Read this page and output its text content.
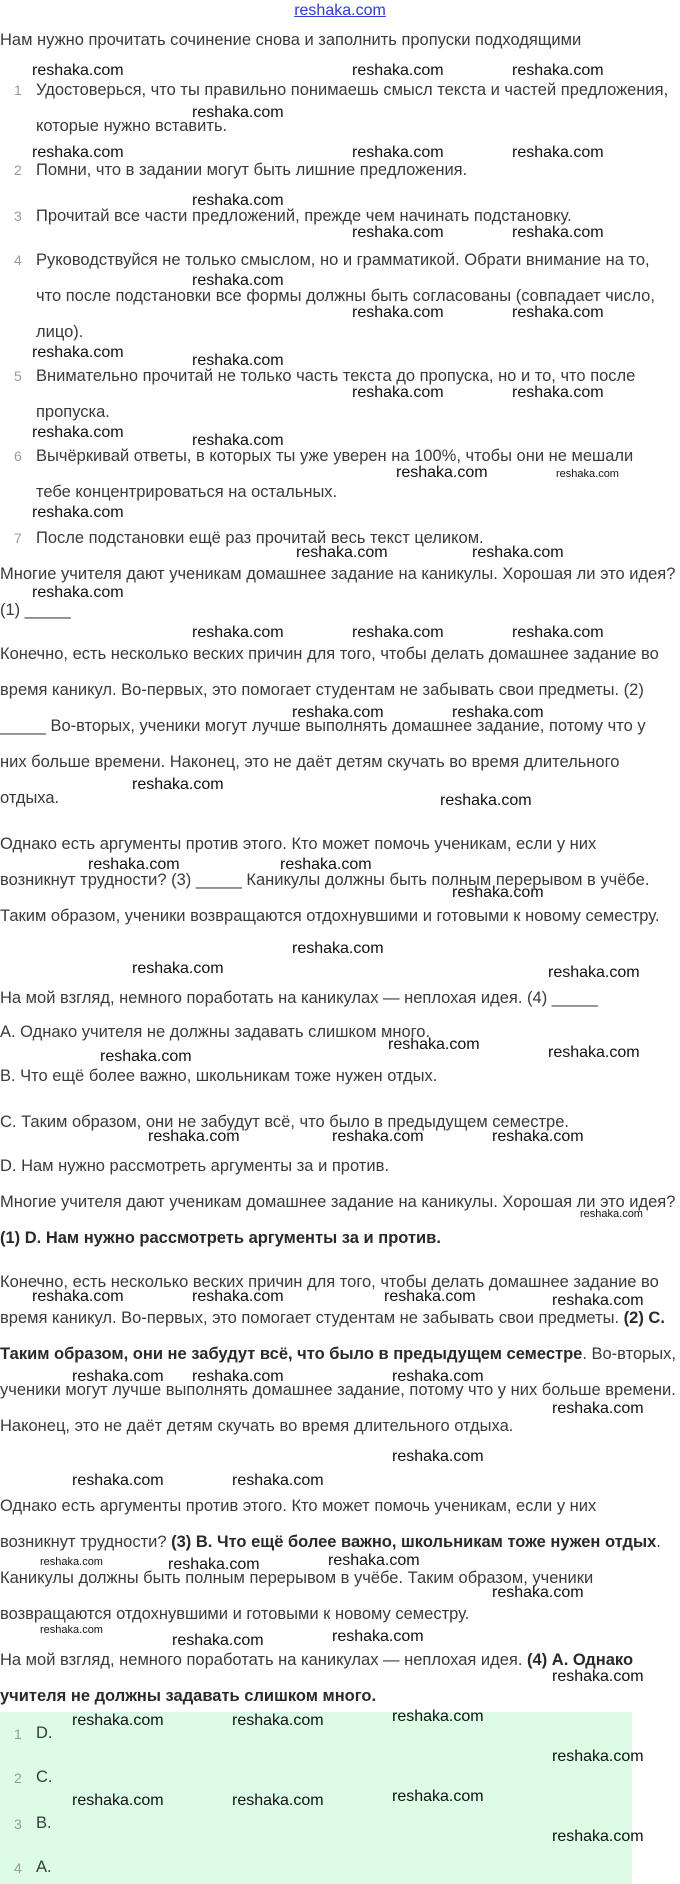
reshaka.com
Нам нужно прочитать сочинение снова и заполнить пропуски подходящими
1 Удостоверься, что ты правильно понимаешь смысл текста и частей предложения, которые нужно вставить.
2 Помни, что в задании могут быть лишние предложения.
3 Прочитай все части предложений, прежде чем начинать подстановку.
4 Руководствуйся не только смыслом, но и грамматикой. Обрати внимание на то, что после подстановки все формы должны быть согласованы (совпадает число, лицо).
5 Внимательно прочитай не только часть текста до пропуска, но и то, что после пропуска.
6 Вычёркивай ответы, в которых ты уже уверен на 100%, чтобы они не мешали тебе концентрироваться на остальных.
7 После подстановки ещё раз прочитай весь текст целиком.
Многие учителя дают ученикам домашнее задание на каникулы. Хорошая ли это идея? (1) _____
Конечно, есть несколько веских причин для того, чтобы делать домашнее задание во время каникул. Во-первых, это помогает студентам не забывать свои предметы. (2) _____ Во-вторых, ученики могут лучше выполнять домашнее задание, потому что у них больше времени. Наконец, это не даёт детям скучать во время длительного отдыха.
Однако есть аргументы против этого. Кто может помочь ученикам, если у них возникнут трудности? (3) _____ Каникулы должны быть полным перерывом в учёбе. Таким образом, ученики возвращаются отдохнувшими и готовыми к новому семестру.
На мой взгляд, немного поработать на каникулах — неплохая идея. (4) _____
A. Однако учителя не должны задавать слишком много.
B. Что ещё более важно, школьникам тоже нужен отдых.
C. Таким образом, они не забудут всё, что было в предыдущем семестре.
D. Нам нужно рассмотреть аргументы за и против.
Многие учителя дают ученикам домашнее задание на каникулы. Хорошая ли это идея? (1) D. Нам нужно рассмотреть аргументы за и против.
Конечно, есть несколько веских причин для того, чтобы делать домашнее задание во время каникул. Во-первых, это помогает студентам не забывать свои предметы. (2) C. Таким образом, они не забудут всё, что было в предыдущем семестре. Во-вторых, ученики могут лучше выполнять домашнее задание, потому что у них больше времени. Наконец, это не даёт детям скучать во время длительного отдыха.
Однако есть аргументы против этого. Кто может помочь ученикам, если у них возникнут трудности? (3) B. Что ещё более важно, школьникам тоже нужен отдых. Каникулы должны быть полным перерывом в учёбе. Таким образом, ученики возвращаются отдохнувшими и готовыми к новому семестру.
На мой взгляд, немного поработать на каникулах — неплохая идея. (4) A. Однако учителя не должны задавать слишком много.
1 D.
2 C.
3 B.
4 A.
reshaka.com	reshaka.com	reshaka.com
reshaka.com
reshaka.com	reshaka.com	reshaka.com
reshaka.com
reshaka.com	reshaka.com
reshaka.com
reshaka.com	reshaka.com
reshaka.com	reshaka.com
reshaka.com	reshaka.com
reshaka.com	reshaka.com
reshaka.com	reshaka.com
reshaka.com
reshaka.com	reshaka.com
reshaka.com
reshaka.com	reshaka.com	reshaka.com
reshaka.com	reshaka.com
reshaka.com
reshaka.com
reshaka.com	reshaka.com
reshaka.com
reshaka.com
reshaka.com	reshaka.com
reshaka.com
reshaka.com	reshaka.com
reshaka.com	reshaka.com	reshaka.com
reshaka.com
reshaka.com	reshaka.com	reshaka.com	reshaka.com
reshaka.com reshaka.com	reshaka.com
reshaka.com
reshaka.com
reshaka.com	reshaka.com
reshaka.com
reshaka.com	reshaka.com
reshaka.com
reshaka.com
reshaka.com	reshaka.com
reshaka.com
reshaka.com	reshaka.com	reshaka.com
reshaka.com
reshaka.com	reshaka.com	reshaka.com
reshaka.com
